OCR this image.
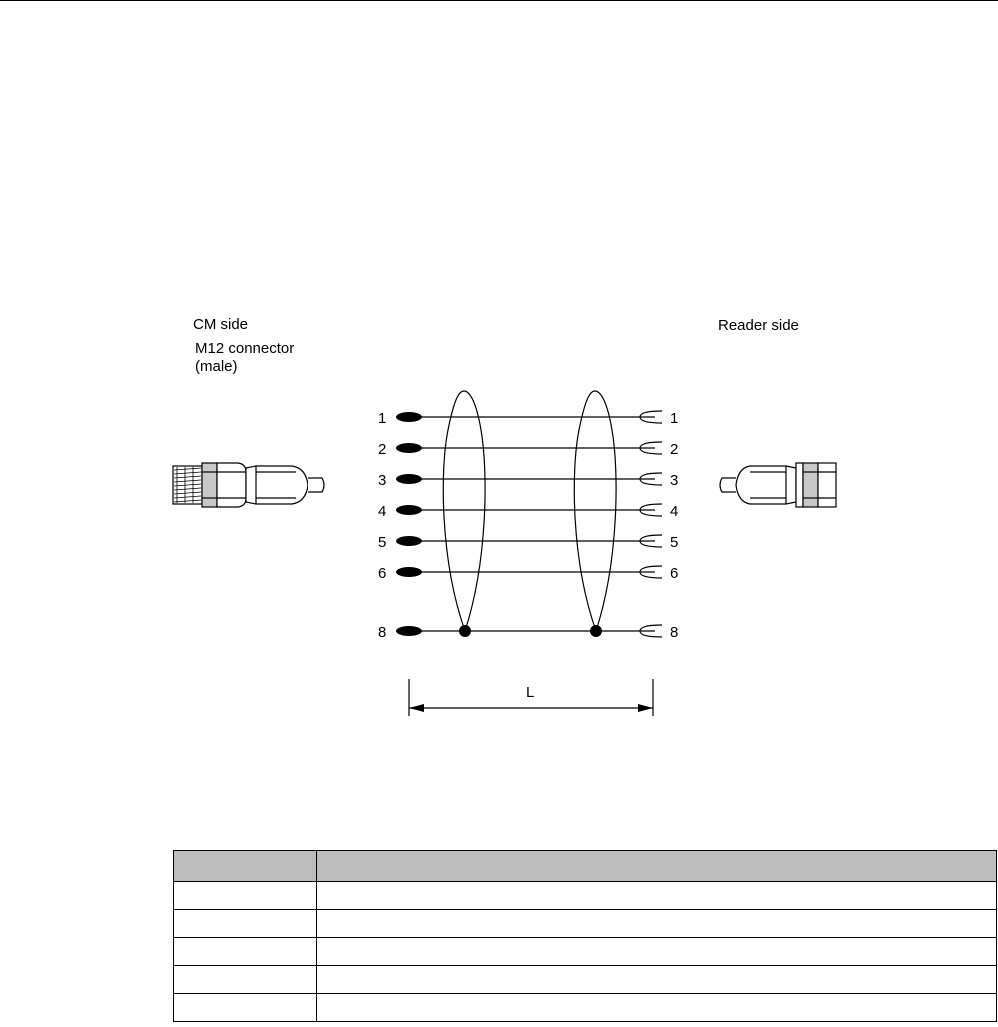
CM side
M12 connector
(male)
Reader side
1
2
3
4
5
6
8
1
2
3
4
5
6
8
L
